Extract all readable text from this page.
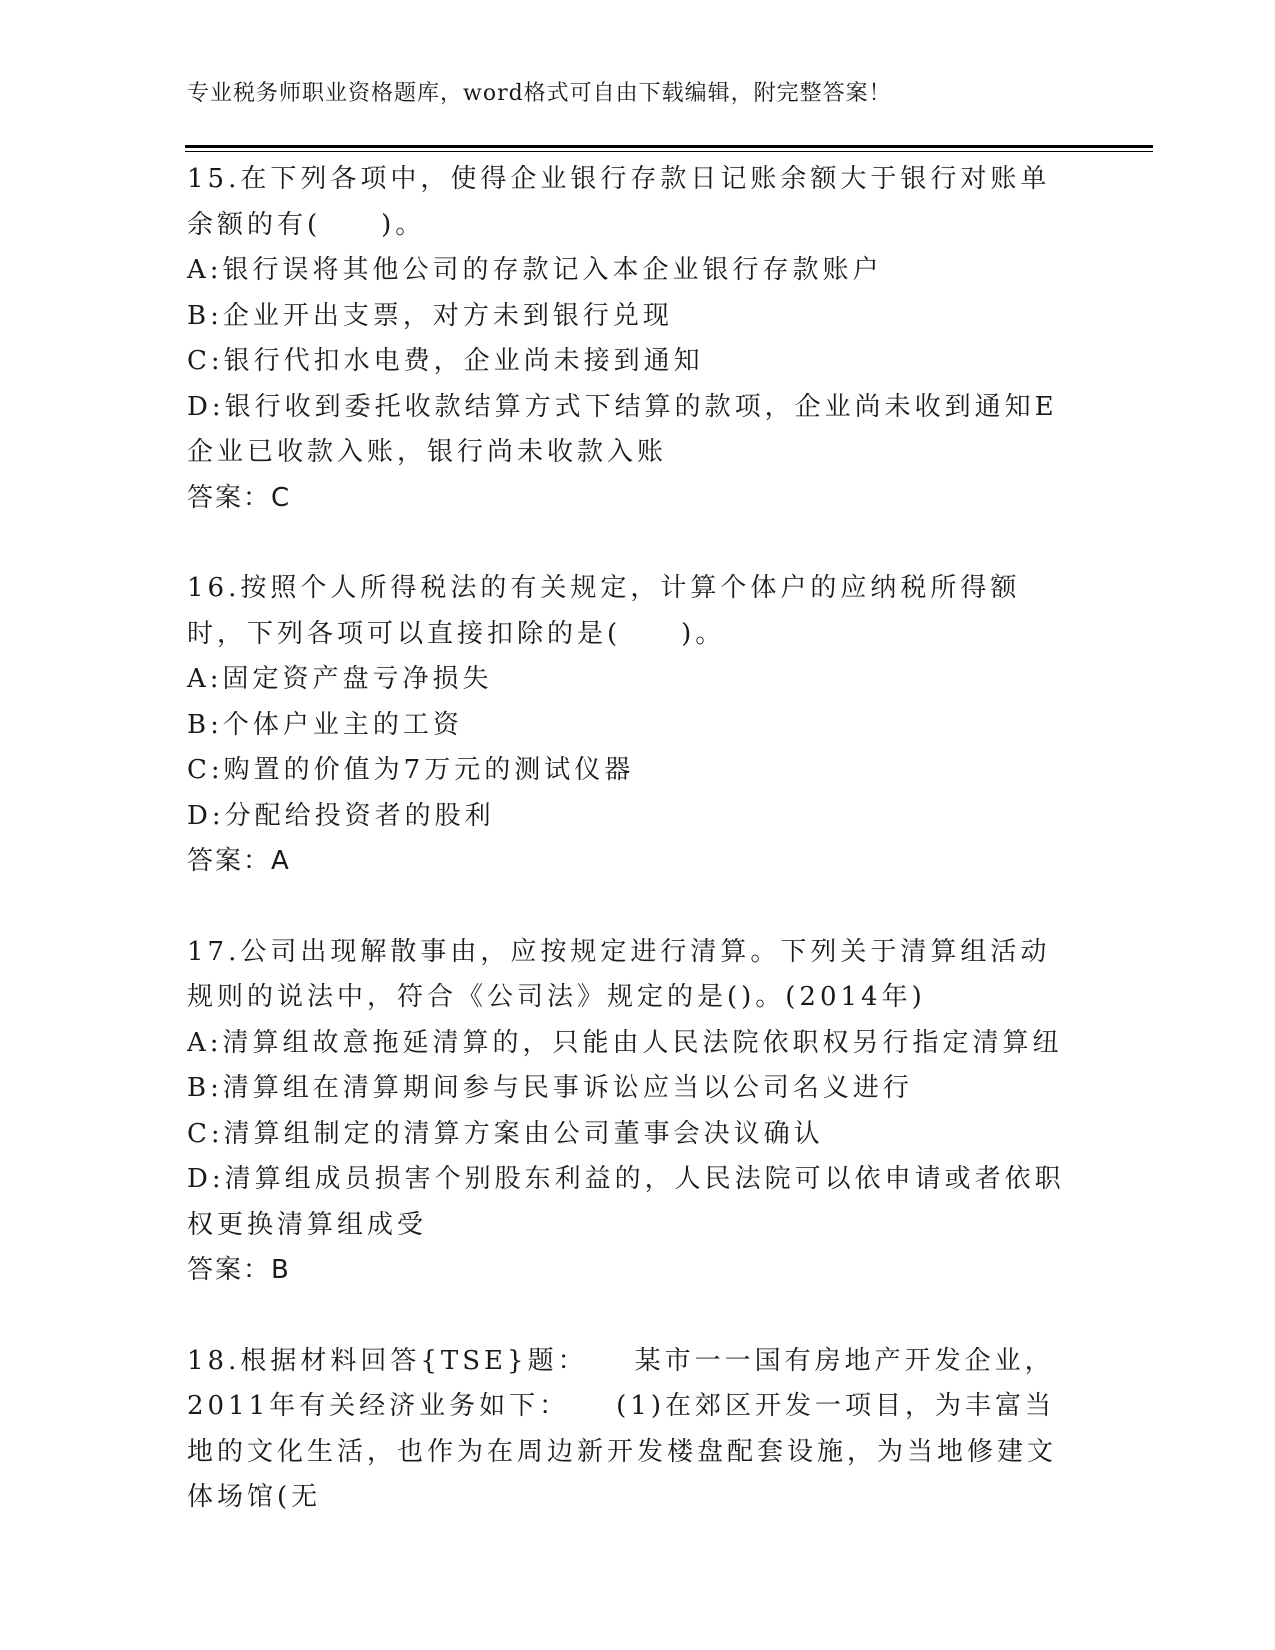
专业税务师职业资格题库，word格式可自由下载编辑，附完整答案！

15.在下列各项中，使得企业银行存款日记账余额大于银行对账单余额的有(　　)。

A:银行误将其他公司的存款记入本企业银行存款账户

B:企业开出支票，对方未到银行兑现

C:银行代扣水电费，企业尚未接到通知

D:银行收到委托收款结算方式下结算的款项，企业尚未收到通知E企业已收款入账，银行尚未收款入账

答案：C

16.按照个人所得税法的有关规定，计算个体户的应纳税所得额时，下列各项可以直接扣除的是(　　)。

A:固定资产盘亏净损失

B:个体户业主的工资

C:购置的价值为7万元的测试仪器

D:分配给投资者的股利

答案：A

17.公司出现解散事由，应按规定进行清算。下列关于清算组活动规则的说法中，符合《公司法》规定的是()。(2014年)

A:清算组故意拖延清算的，只能由人民法院依职权另行指定清算纽

B:清算组在清算期间参与民事诉讼应当以公司名义进行

C:清算组制定的清算方案由公司董事会决议确认

D:清算组成员损害个别股东利益的，人民法院可以依申请或者依职权更换清算组成受

答案：B

18.根据材料回答{TSE}题：　　某市一一国有房地产开发企业，2011年有关经济业务如下：　　(1)在郊区开发一项目，为丰富当地的文化生活，也作为在周边新开发楼盘配套设施，为当地修建文体场馆(无
